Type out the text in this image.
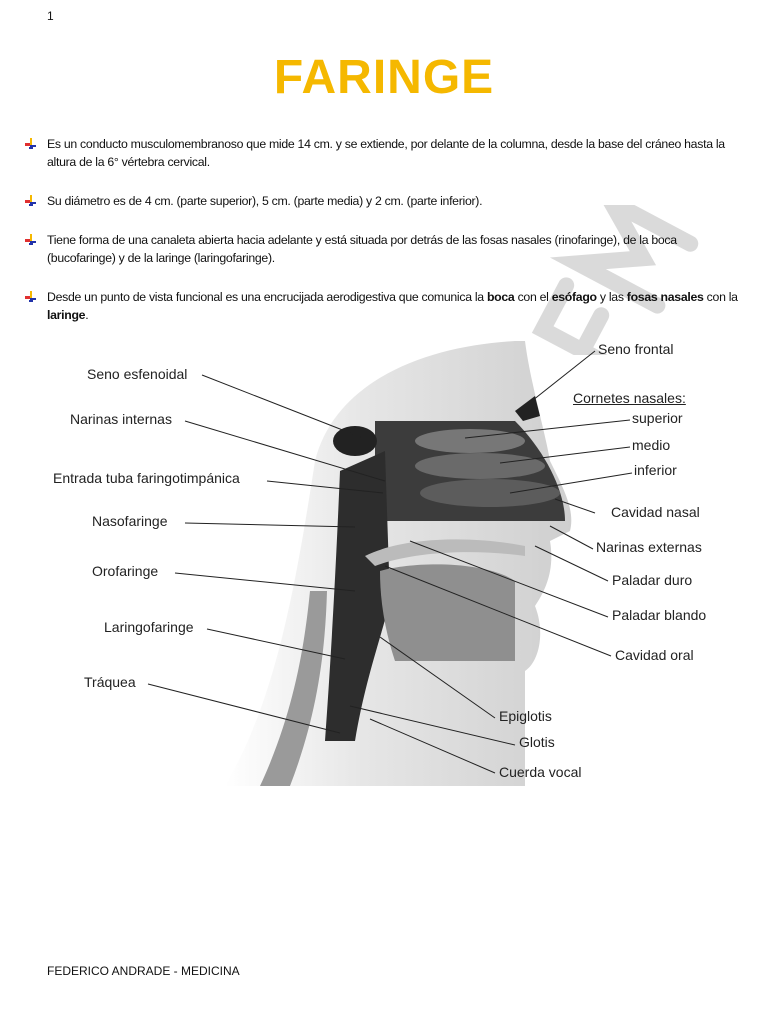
1
FARINGE
Es un conducto musculomembranoso que mide 14 cm. y se extiende, por delante de la columna, desde la base del cráneo hasta la altura de la 6° vértebra cervical.
Su diámetro es de 4 cm. (parte superior), 5 cm. (parte media) y 2 cm. (parte inferior).
Tiene forma de una canaleta abierta hacia adelante y está situada por detrás de las fosas nasales (rinofaringe), de la boca (bucofaringe) y de la laringe (laringofaringe).
Desde un punto de vista funcional es una encrucijada aerodigestiva que comunica la boca con el esófago y las fosas nasales con la laringe.
Seno esfenoidal
Narinas internas
Entrada tuba faringotimpánica
Nasofaringe
Orofaringe
Laringofaringe
Tráquea
Seno frontal
Cornetes nasales:
superior
medio
inferior
Cavidad nasal
Narinas externas
Paladar duro
Paladar blando
Cavidad oral
Epiglotis
Glotis
Cuerda vocal
FEDERICO ANDRADE - MEDICINA
